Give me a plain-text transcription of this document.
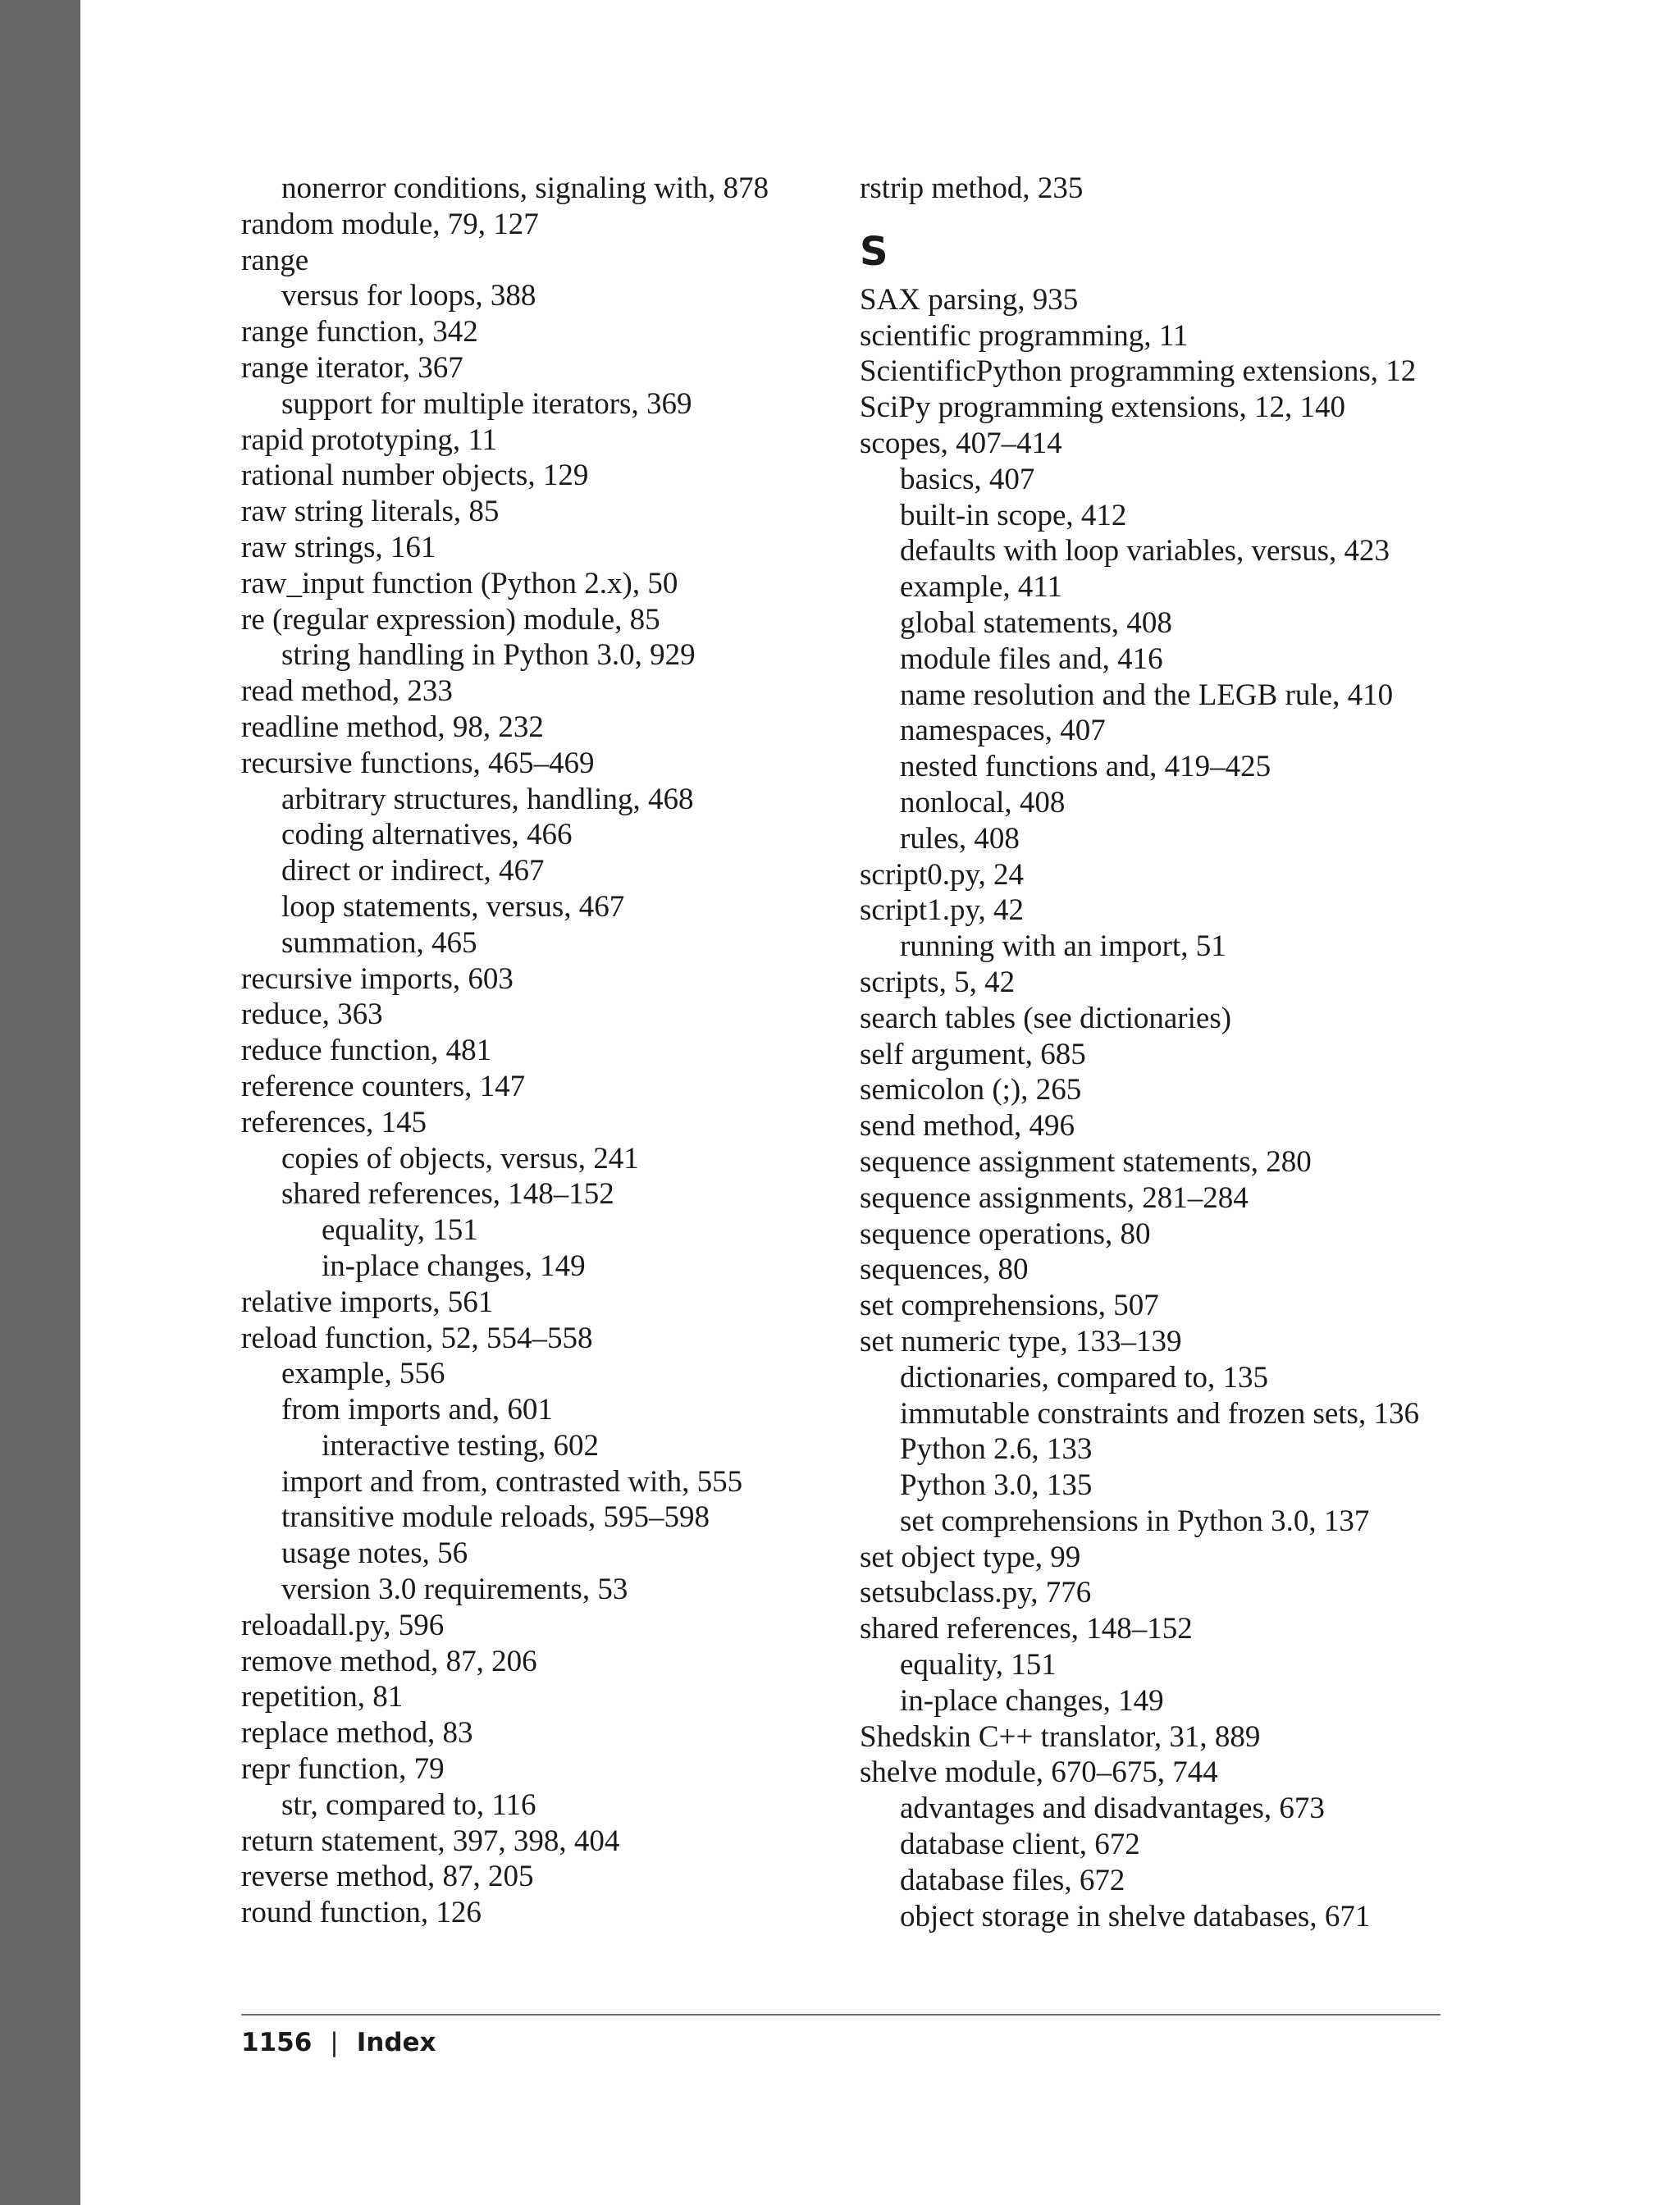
nonerror conditions, signaling with, 878
random module, 79, 127
range
versus for loops, 388
range function, 342
range iterator, 367
support for multiple iterators, 369
rapid prototyping, 11
rational number objects, 129
raw string literals, 85
raw strings, 161
raw_input function (Python 2.x), 50
re (regular expression) module, 85
string handling in Python 3.0, 929
read method, 233
readline method, 98, 232
recursive functions, 465–469
arbitrary structures, handling, 468
coding alternatives, 466
direct or indirect, 467
loop statements, versus, 467
summation, 465
recursive imports, 603
reduce, 363
reduce function, 481
reference counters, 147
references, 145
copies of objects, versus, 241
shared references, 148–152
equality, 151
in-place changes, 149
relative imports, 561
reload function, 52, 554–558
example, 556
from imports and, 601
interactive testing, 602
import and from, contrasted with, 555
transitive module reloads, 595–598
usage notes, 56
version 3.0 requirements, 53
reloadall.py, 596
remove method, 87, 206
repetition, 81
replace method, 83
repr function, 79
str, compared to, 116
return statement, 397, 398, 404
reverse method, 87, 205
round function, 126
rstrip method, 235
S
SAX parsing, 935
scientific programming, 11
ScientificPython programming extensions, 12
SciPy programming extensions, 12, 140
scopes, 407–414
basics, 407
built-in scope, 412
defaults with loop variables, versus, 423
example, 411
global statements, 408
module files and, 416
name resolution and the LEGB rule, 410
namespaces, 407
nested functions and, 419–425
nonlocal, 408
rules, 408
script0.py, 24
script1.py, 42
running with an import, 51
scripts, 5, 42
search tables (see dictionaries)
self argument, 685
semicolon (;), 265
send method, 496
sequence assignment statements, 280
sequence assignments, 281–284
sequence operations, 80
sequences, 80
set comprehensions, 507
set numeric type, 133–139
dictionaries, compared to, 135
immutable constraints and frozen sets, 136
Python 2.6, 133
Python 3.0, 135
set comprehensions in Python 3.0, 137
set object type, 99
setsubclass.py, 776
shared references, 148–152
equality, 151
in-place changes, 149
Shedskin C++ translator, 31, 889
shelve module, 670–675, 744
advantages and disadvantages, 673
database client, 672
database files, 672
object storage in shelve databases, 671
1156 | Index
